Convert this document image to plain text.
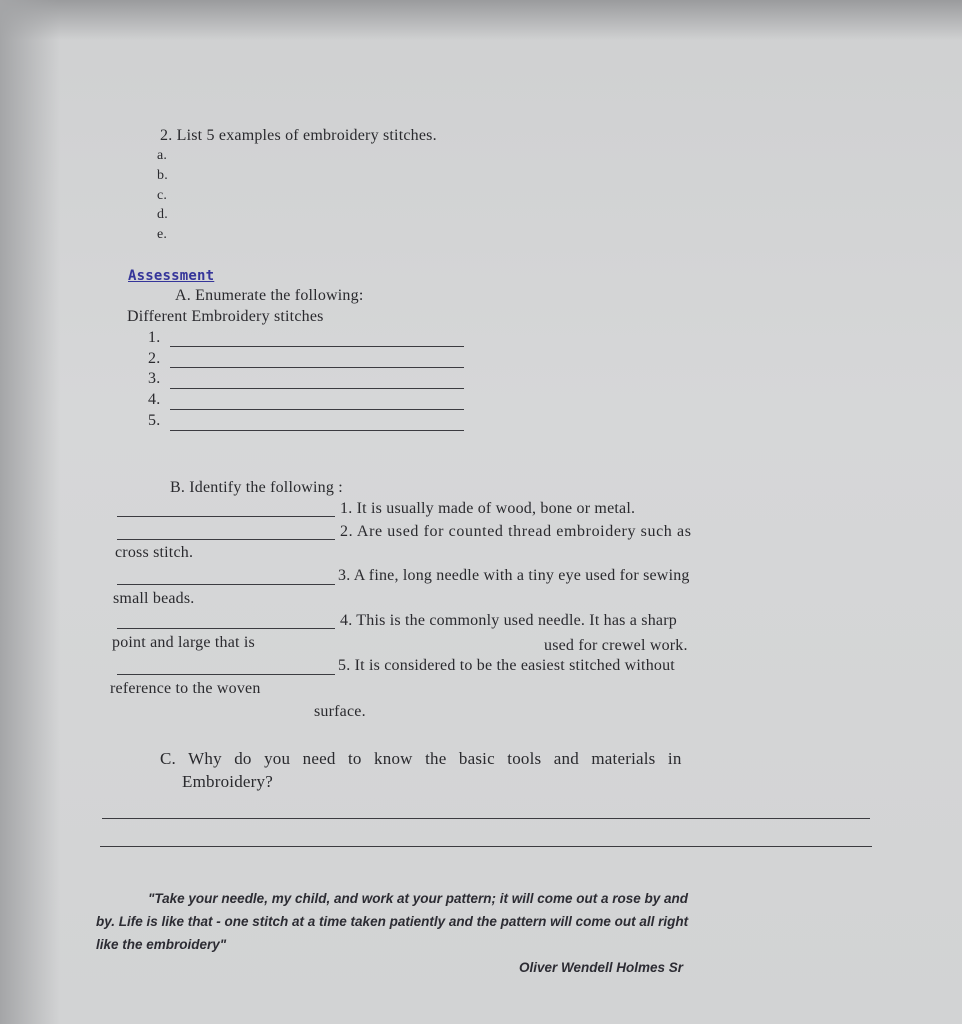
2. List 5 examples of embroidery stitches.
a.
b.
c.
d.
e.
Assessment
A. Enumerate the following:
Different Embroidery stitches
1.
2.
3.
4.
5.
B. Identify the following :
1. It is usually made of wood, bone or metal.
2. Are used for counted thread embroidery such as
cross stitch.
3. A fine, long needle with a tiny eye used for sewing
small beads.
4. This is the commonly used needle. It has a sharp
point and large that is	used for crewel work.
5. It is considered to be the easiest stitched without
reference to the woven
surface.
C. Why do you need to know the basic tools and materials in
Embroidery?
"Take your needle, my child, and work at your pattern; it will come out a rose by and
by. Life is like that - one stitch at a time taken patiently and the pattern will come out all right
like the embroidery"
Oliver Wendell Holmes Sr
